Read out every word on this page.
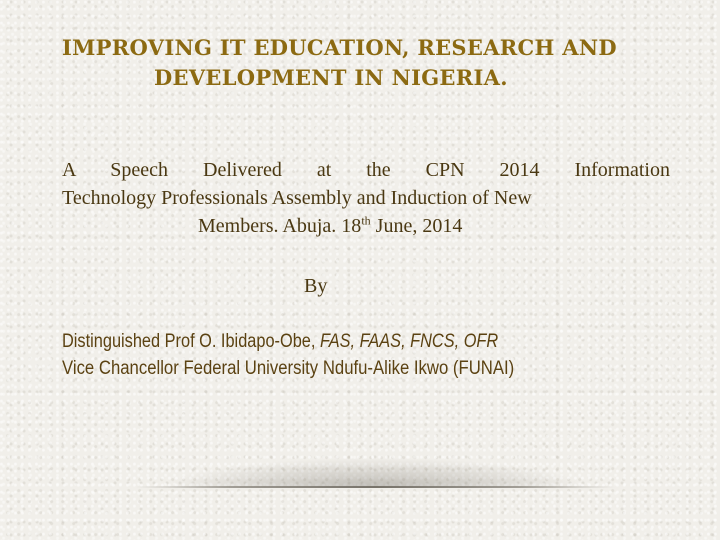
IMPROVING IT EDUCATION, RESEARCH AND
DEVELOPMENT IN NIGERIA.
A Speech Delivered at the CPN 2014 Information
Technology Professionals Assembly and Induction of New
Members. Abuja. 18th June, 2014
By
Distinguished Prof O. Ibidapo-Obe, FAS, FAAS, FNCS, OFR
Vice Chancellor Federal University Ndufu-Alike Ikwo (FUNAI)
